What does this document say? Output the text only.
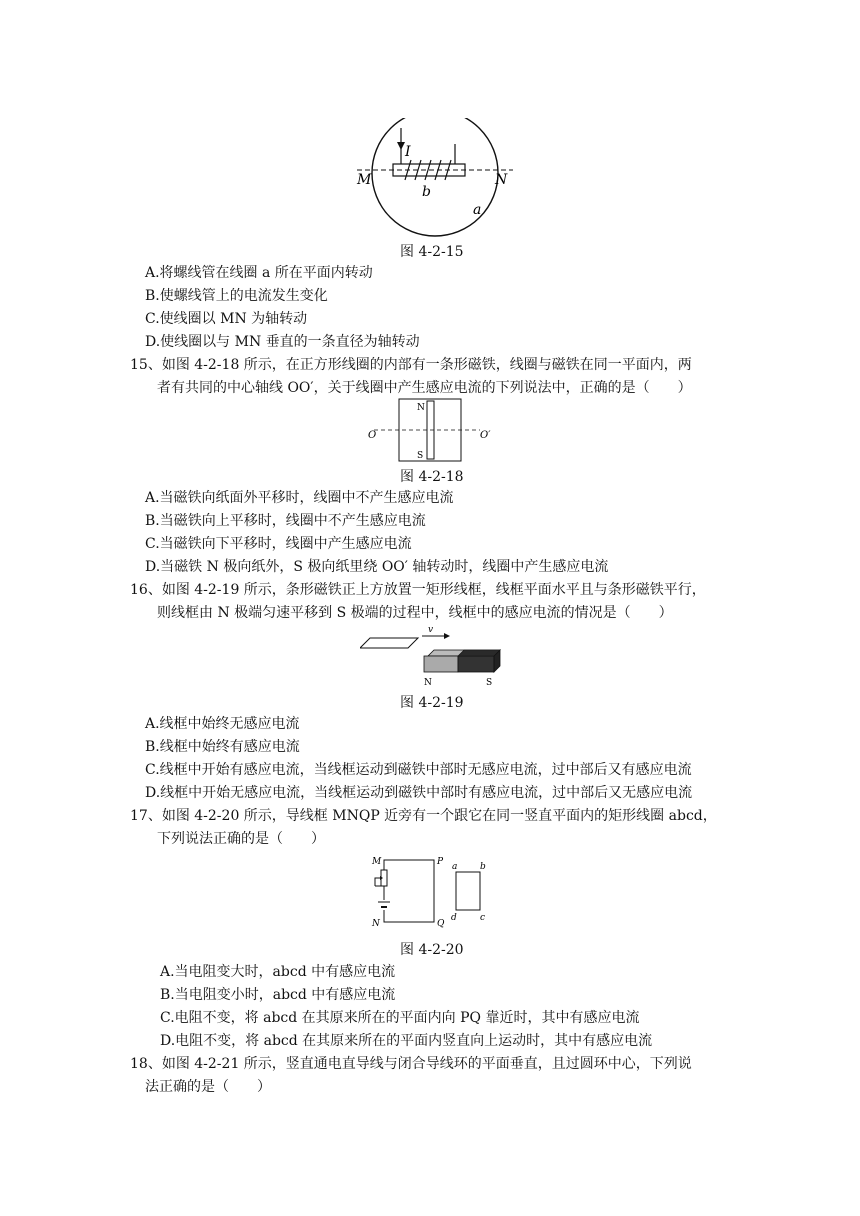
I
M	N
b
a
图 4-2-15
A.将螺线管在线圈 a 所在平面内转动
B.使螺线管上的电流发生变化
C.使线圈以 MN 为轴转动
D.使线圈以与 MN 垂直的一条直径为轴转动
15、如图 4-2-18 所示，在正方形线圈的内部有一条形磁铁，线圈与磁铁在同一平面内，两
者有共同的中心轴线 OO′，关于线圈中产生感应电流的下列说法中，正确的是（　　）
N
S
O	O′
图 4-2-18
A.当磁铁向纸面外平移时，线圈中不产生感应电流
B.当磁铁向上平移时，线圈中不产生感应电流
C.当磁铁向下平移时，线圈中产生感应电流
D.当磁铁 N 极向纸外，S 极向纸里绕 OO′ 轴转动时，线圈中产生感应电流
16、如图 4-2-19 所示，条形磁铁正上方放置一矩形线框，线框平面水平且与条形磁铁平行，
则线框由 N 极端匀速平移到 S 极端的过程中，线框中的感应电流的情况是（　　）
v
N	S
图 4-2-19
A.线框中始终无感应电流
B.线框中始终有感应电流
C.线框中开始有感应电流，当线框运动到磁铁中部时无感应电流，过中部后又有感应电流
D.线框中开始无感应电流，当线框运动到磁铁中部时有感应电流，过中部后又无感应电流
17、如图 4-2-20 所示，导线框 MNQP 近旁有一个跟它在同一竖直平面内的矩形线圈 abcd，
下列说法正确的是（　　）
M
N
P
Q
a	b
c
d
图 4-2-20
A.当电阻变大时，abcd 中有感应电流
B.当电阻变小时，abcd 中有感应电流
C.电阻不变，将 abcd 在其原来所在的平面内向 PQ 靠近时，其中有感应电流
D.电阻不变，将 abcd 在其原来所在的平面内竖直向上运动时，其中有感应电流
18、如图 4-2-21 所示，竖直通电直导线与闭合导线环的平面垂直，且过圆环中心，下列说
法正确的是（　　）
